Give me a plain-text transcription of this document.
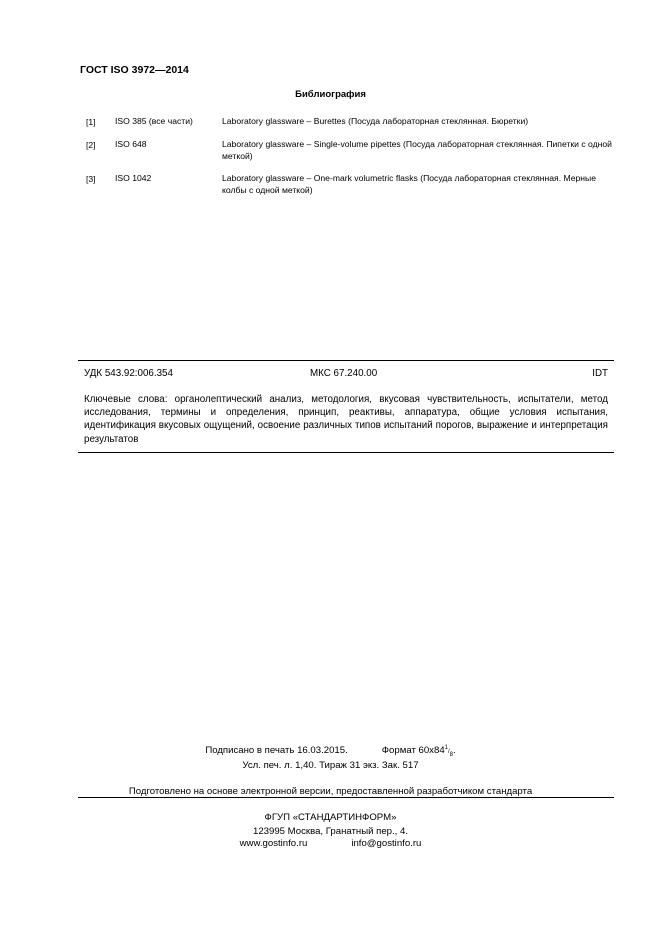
ГОСТ ISO 3972—2014
Библиография
[1] ISO 385 (все части)	Laboratory glassware – Burettes (Посуда лабораторная стеклянная. Бюретки)
[2] ISO 648	Laboratory glassware – Single-volume pipettes (Посуда лабораторная стеклянная. Пипетки с одной меткой)
[3] ISO 1042	Laboratory glassware – One-mark volumetric flasks (Посуда лабораторная стеклянная. Мерные колбы с одной меткой)
УДК 543.92:006.354	МКС 67.240.00	IDT
Ключевые слова: органолептический анализ, методология, вкусовая чувствительность, испытатели, метод исследования, термины и определения, принцип, реактивы, аппаратура, общие условия испытания, идентификация вкусовых ощущений, освоение различных типов испытаний порогов, выражение и интерпретация результатов
Подписано в печать 16.03.2015.	Формат $60x84^1/_8$.
Усл. печ. л. 1,40. Тираж 31 экз. Зак. 517
Подготовлено на основе электронной версии, предоставленной разработчиком стандарта
ФГУП «СТАНДАРТИНФОРМ»
123995 Москва, Гранатный пер., 4.
www.gostinfo.ru	info@gostinfo.ru
